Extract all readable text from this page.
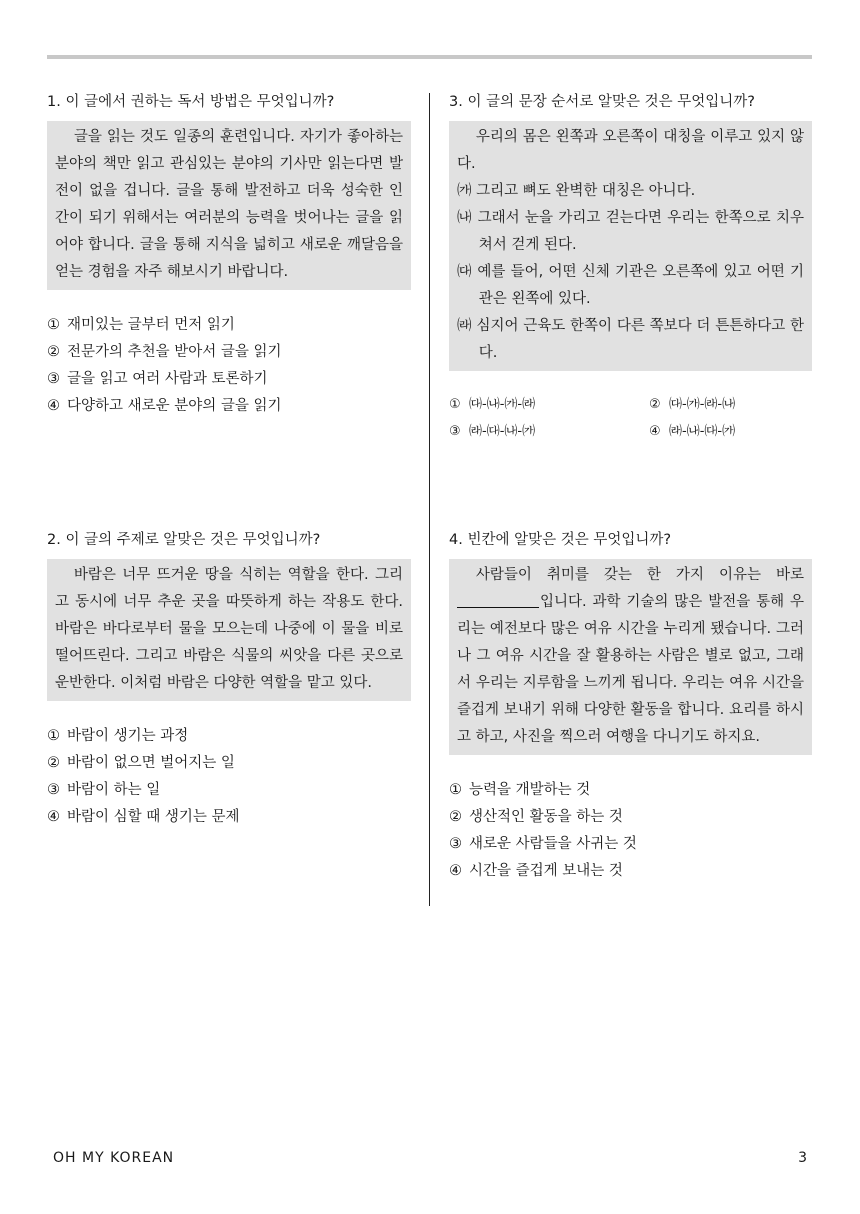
1. 이 글에서 권하는 독서 방법은 무엇입니까?
글을 읽는 것도 일종의 훈련입니다. 자기가 좋아하는 분야의 책만 읽고 관심있는 분야의 기사만 읽는다면 발전이 없을 겁니다. 글을 통해 발전하고 더욱 성숙한 인간이 되기 위해서는 여러분의 능력을 벗어나는 글을 읽어야 합니다. 글을 통해 지식을 넓히고 새로운 깨달음을 얻는 경험을 자주 해보시기 바랍니다.
① 재미있는 글부터 먼저 읽기
② 전문가의 추천을 받아서 글을 읽기
③ 글을 읽고 여러 사람과 토론하기
④ 다양하고 새로운 분야의 글을 읽기
2. 이 글의 주제로 알맞은 것은 무엇입니까?
바람은 너무 뜨거운 땅을 식히는 역할을 한다. 그리고 동시에 너무 추운 곳을 따뜻하게 하는 작용도 한다. 바람은 바다로부터 물을 모으는데 나중에 이 물을 비로 떨어뜨린다. 그리고 바람은 식물의 씨앗을 다른 곳으로 운반한다. 이처럼 바람은 다양한 역할을 맡고 있다.
① 바람이 생기는 과정
② 바람이 없으면 벌어지는 일
③ 바람이 하는 일
④ 바람이 심할 때 생기는 문제
3. 이 글의 문장 순서로 알맞은 것은 무엇입니까?

우리의 몸은 왼쪽과 오른쪽이 대칭을 이루고 있지 않다.

㈎ 그리고 뼈도 완벽한 대칭은 아니다.

㈏ 그래서 눈을 가리고 걷는다면 우리는 한쪽으로 치우쳐서 걷게 된다.

㈐ 예를 들어, 어떤 신체 기관은 오른쪽에 있고 어떤 기관은 왼쪽에 있다.

㈑ 심지어 근육도 한쪽이 다른 쪽보다 더 튼튼하다고 한다.

① ㈐-㈏-㈎-㈑	② ㈐-㈎-㈑-㈏
③ ㈑-㈐-㈏-㈎	④ ㈑-㈏-㈐-㈎
4. 빈칸에 알맞은 것은 무엇입니까?
사람들이 취미를 갖는 한 가지 이유는 바로 입니다. 과학 기술의 많은 발전을 통해 우리는 예전보다 많은 여유 시간을 누리게 됐습니다. 그러나 그 여유 시간을 잘 활용하는 사람은 별로 없고, 그래서 우리는 지루함을 느끼게 됩니다. 우리는 여유 시간을 즐겁게 보내기 위해 다양한 활동을 합니다. 요리를 하시고 하고, 사진을 찍으러 여행을 다니기도 하지요.
① 능력을 개발하는 것
② 생산적인 활동을 하는 것
③ 새로운 사람들을 사귀는 것
④ 시간을 즐겁게 보내는 것
OH MY KOREAN	3
